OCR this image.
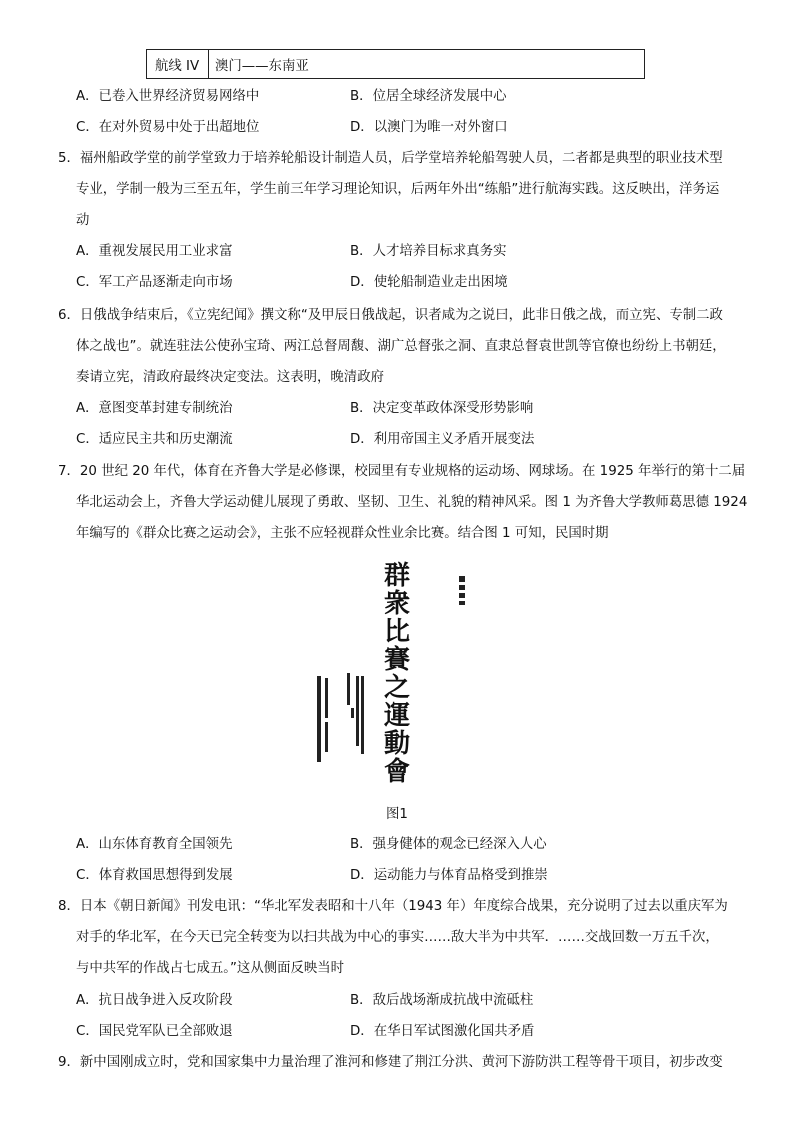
航线 IV	澳门——东南亚
A．已卷入世界经济贸易网络中	B．位居全球经济发展中心
C．在对外贸易中处于出超地位	D．以澳门为唯一对外窗口
5．福州船政学堂的前学堂致力于培养轮船设计制造人员，后学堂培养轮船驾驶人员，二者都是典型的职业技术型
专业，学制一般为三至五年，学生前三年学习理论知识，后两年外出“练船”进行航海实践。这反映出，洋务运
动
A．重视发展民用工业求富	B．人才培养目标求真务实
C．军工产品逐渐走向市场	D．使轮船制造业走出困境
6．日俄战争结束后，《立宪纪闻》撰文称“及甲辰日俄战起，识者咸为之说曰，此非日俄之战，而立宪、专制二政
体之战也”。就连驻法公使孙宝琦、两江总督周馥、湖广总督张之洞、直隶总督袁世凯等官僚也纷纷上书朝廷，
奏请立宪，清政府最终决定变法。这表明，晚清政府
A．意图变革封建专制统治	B．决定变革政体深受形势影响
C．适应民主共和历史潮流	D．利用帝国主义矛盾开展变法
7．20 世纪 20 年代，体育在齐鲁大学是必修课，校园里有专业规格的运动场、网球场。在 1925 年举行的第十二届
华北运动会上，齐鲁大学运动健儿展现了勇敢、坚韧、卫生、礼貌的精神风采。图 1 为齐鲁大学教师葛思德 1924
年编写的《群众比赛之运动会》，主张不应轻视群众性业余比赛。结合图 1 可知，民国时期
群
衆
比
賽
之
運
動
會
图1
A．山东体育教育全国领先	B．强身健体的观念已经深入人心
C．体育救国思想得到发展	D．运动能力与体育品格受到推崇
8．日本《朝日新闻》刊发电讯：“华北军发表昭和十八年（1943 年）年度综合战果，充分说明了过去以重庆军为
对手的华北军，在今天已完全转变为以扫共战为中心的事实……敌大半为中共军．……交战回数一万五千次，
与中共军的作战占七成五。”这从侧面反映当时
A．抗日战争进入反攻阶段	B．敌后战场渐成抗战中流砥柱
C．国民党军队已全部败退	D．在华日军试图激化国共矛盾
9．新中国刚成立时，党和国家集中力量治理了淮河和修建了荆江分洪、黄河下游防洪工程等骨干项目，初步改变
